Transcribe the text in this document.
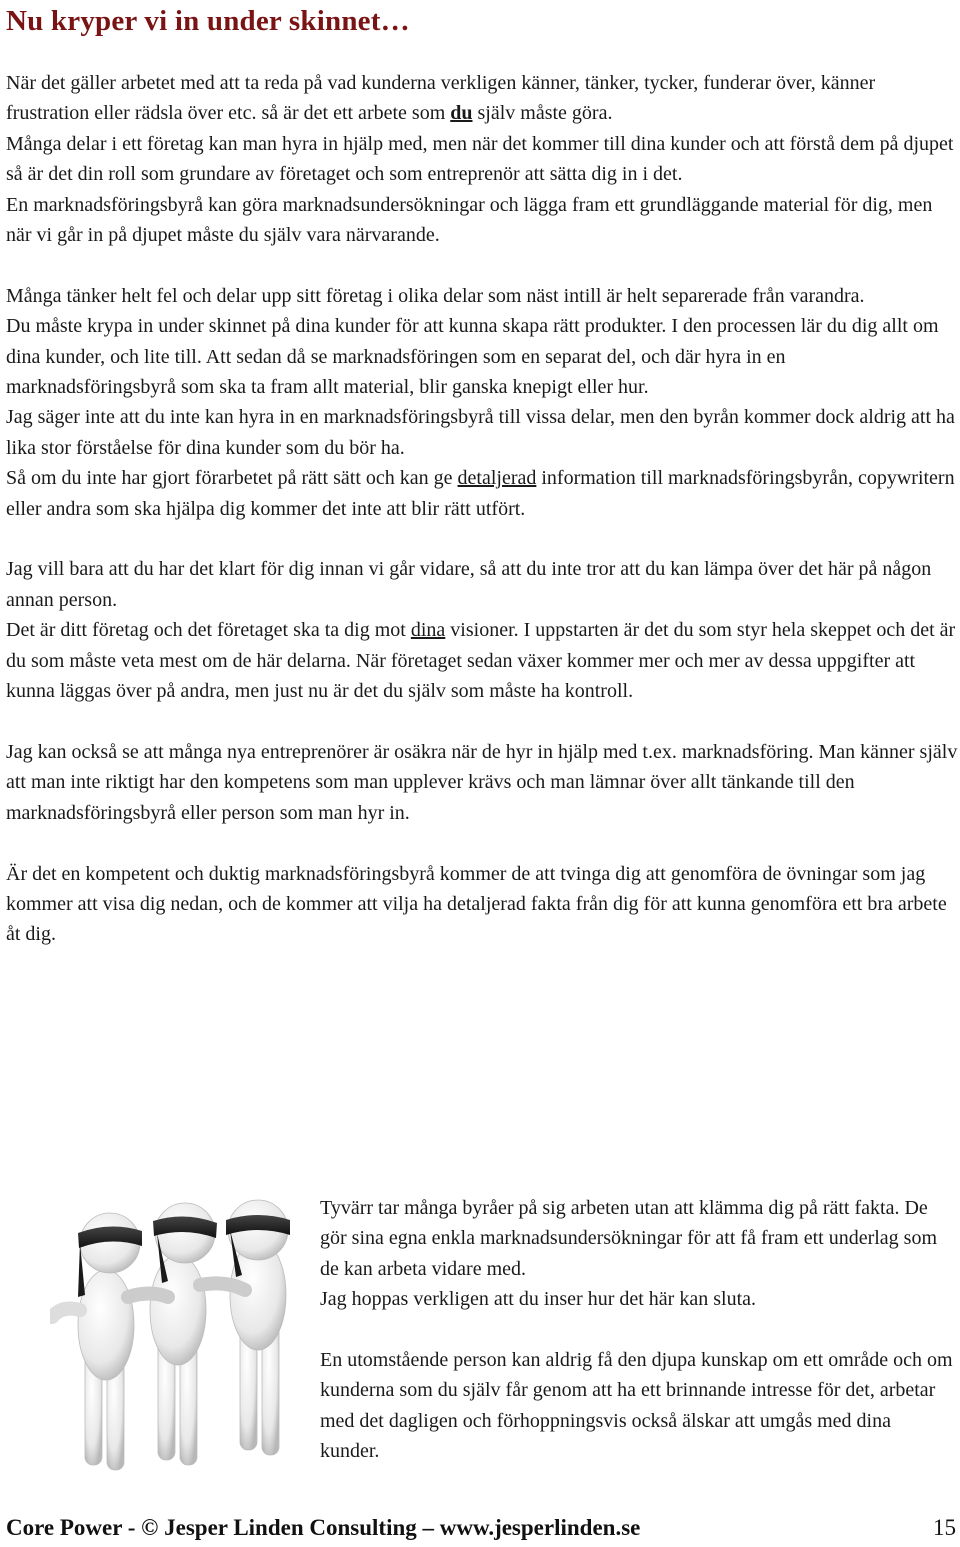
Nu kryper vi in under skinnet…

När det gäller arbetet med att ta reda på vad kunderna verkligen känner, tänker, tycker, funderar över, känner frustration eller rädsla över etc. så är det ett arbete som du själv måste göra.

Många delar i ett företag kan man hyra in hjälp med, men när det kommer till dina kunder och att förstå dem på djupet så är det din roll som grundare av företaget och som entreprenör att sätta dig in i det.

En marknadsföringsbyrå kan göra marknadsundersökningar och lägga fram ett grundläggande material för dig, men när vi går in på djupet måste du själv vara närvarande.

Många tänker helt fel och delar upp sitt företag i olika delar som näst intill är helt separerade från varandra.

Du måste krypa in under skinnet på dina kunder för att kunna skapa rätt produkter. I den processen lär du dig allt om dina kunder, och lite till. Att sedan då se marknadsföringen som en separat del, och där hyra in en marknadsföringsbyrå som ska ta fram allt material, blir ganska knepigt eller hur.

Jag säger inte att du inte kan hyra in en marknadsföringsbyrå till vissa delar, men den byrån kommer dock aldrig att ha lika stor förståelse för dina kunder som du bör ha.

Så om du inte har gjort förarbetet på rätt sätt och kan ge detaljerad information till marknadsföringsbyrån, copywritern eller andra som ska hjälpa dig kommer det inte att blir rätt utfört.

Jag vill bara att du har det klart för dig innan vi går vidare, så att du inte tror att du kan lämpa över det här på någon annan person.

Det är ditt företag och det företaget ska ta dig mot dina visioner. I uppstarten är det du som styr hela skeppet och det är du som måste veta mest om de här delarna. När företaget sedan växer kommer mer och mer av dessa uppgifter att kunna läggas över på andra, men just nu är det du själv som måste ha kontroll.

Jag kan också se att många nya entreprenörer är osäkra när de hyr in hjälp med t.ex. marknadsföring. Man känner själv att man inte riktigt har den kompetens som man upplever krävs och man lämnar över allt tänkande till den marknadsföringsbyrå eller person som man hyr in.

Är det en kompetent och duktig marknadsföringsbyrå kommer de att tvinga dig att genomföra de övningar som jag kommer att visa dig nedan, och de kommer att vilja ha detaljerad fakta från dig för att kunna genomföra ett bra arbete åt dig.

Tyvärr tar många byråer på sig arbeten utan att klämma dig på rätt fakta. De gör sina egna enkla marknadsundersökningar för att få fram ett underlag som de kan arbeta vidare med.

Jag hoppas verkligen att du inser hur det här kan sluta.

En utomstående person kan aldrig få den djupa kunskap om ett område och om kunderna som du själv får genom att ha ett brinnande intresse för det, arbetar med det dagligen och förhoppningsvis också älskar att umgås med dina kunder.

Core Power - © Jesper Linden Consulting – www.jesperlinden.se	15
